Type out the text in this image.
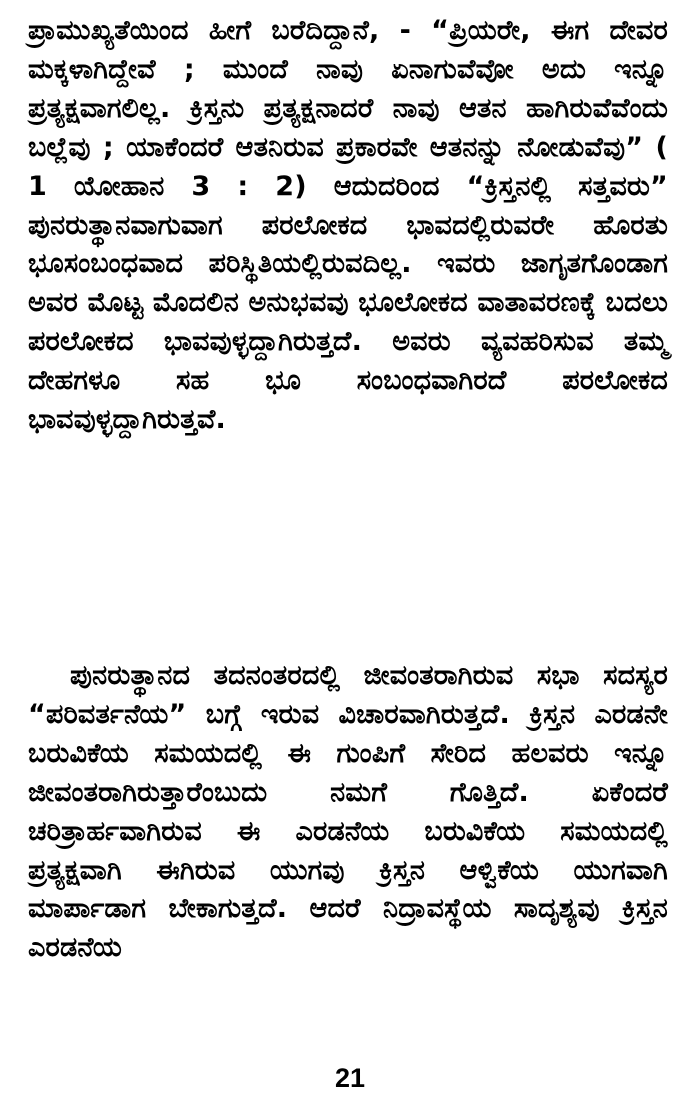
ಪ್ರಾಮುಖ್ಯತೆಯಿಂದ ಹೀಗೆ ಬರೆದಿದ್ದಾನೆ, - “ಪ್ರಿಯರೇ, ಈಗ ದೇವರ ಮಕ್ಕಳಾಗಿದ್ದೇವೆ ; ಮುಂದೆ ನಾವು ಏನಾಗುವೆವೋ ಅದು ಇನ್ನೂ ಪ್ರತ್ಯಕ್ಷವಾಗಲಿಲ್ಲ. ಕ್ರಿಸ್ತನು ಪ್ರತ್ಯಕ್ಷನಾದರೆ ನಾವು ಆತನ ಹಾಗಿರುವೆವೆಂದು ಬಲ್ಲೆವು ; ಯಾಕೆಂದರೆ ಆತನಿರುವ ಪ್ರಕಾರವೇ ಆತನನ್ನು ನೋಡುವೆವು” ( 1 ಯೋಹಾನ 3 : 2) ಆದುದರಿಂದ “ಕ್ರಿಸ್ತನಲ್ಲಿ ಸತ್ತವರು” ಪುನರುತ್ಥಾನವಾಗುವಾಗ ಪರಲೋಕದ ಭಾವದಲ್ಲಿರುವರೇ ಹೊರತು ಭೂಸಂಬಂಧವಾದ ಪರಿಸ್ಥಿತಿಯಲ್ಲಿರುವದಿಲ್ಲ. ಇವರು ಜಾಗೃತಗೊಂಡಾಗ ಅವರ ಮೊಟ್ಟ ಮೊದಲಿನ ಅನುಭವವು ಭೂಲೋಕದ ವಾತಾವರಣಕ್ಕೆ ಬದಲು ಪರಲೋಕದ ಭಾವವುಳ್ಳದ್ದಾಗಿರುತ್ತದೆ. ಅವರು ವ್ಯವಹರಿಸುವ ತಮ್ಮ ದೇಹಗಳೂ ಸಹ ಭೂ ಸಂಬಂಧವಾಗಿರದೆ ಪರಲೋಕದ ಭಾವವುಳ್ಳದ್ದಾಗಿರುತ್ತವೆ.

ಪುನರುತ್ಥಾನದ ತದನಂತರದಲ್ಲಿ ಜೀವಂತರಾಗಿರುವ ಸಭಾ ಸದಸ್ಯರ “ಪರಿವರ್ತನೆಯ” ಬಗ್ಗೆ ಇರುವ ವಿಚಾರವಾಗಿರುತ್ತದೆ. ಕ್ರಿಸ್ತನ ಎರಡನೇ ಬರುವಿಕೆಯ ಸಮಯದಲ್ಲಿ ಈ ಗುಂಪಿಗೆ ಸೇರಿದ ಹಲವರು ಇನ್ನೂ ಜೀವಂತರಾಗಿರುತ್ತಾರೆಂಬುದು ನಮಗೆ ಗೊತ್ತಿದೆ. ಏಕೆಂದರೆ ಚರಿತ್ರಾರ್ಹವಾಗಿರುವ ಈ ಎರಡನೆಯ ಬರುವಿಕೆಯ ಸಮಯದಲ್ಲಿ ಪ್ರತ್ಯಕ್ಷವಾಗಿ ಈಗಿರುವ ಯುಗವು ಕ್ರಿಸ್ತನ ಆಳ್ವಿಕೆಯ ಯುಗವಾಗಿ ಮಾರ್ಪಾಡಾಗ ಬೇಕಾಗುತ್ತದೆ. ಆದರೆ ನಿದ್ರಾವಸ್ಥೆಯ ಸಾದೃಶ್ಯವು ಕ್ರಿಸ್ತನ ಎರಡನೆಯ

21
